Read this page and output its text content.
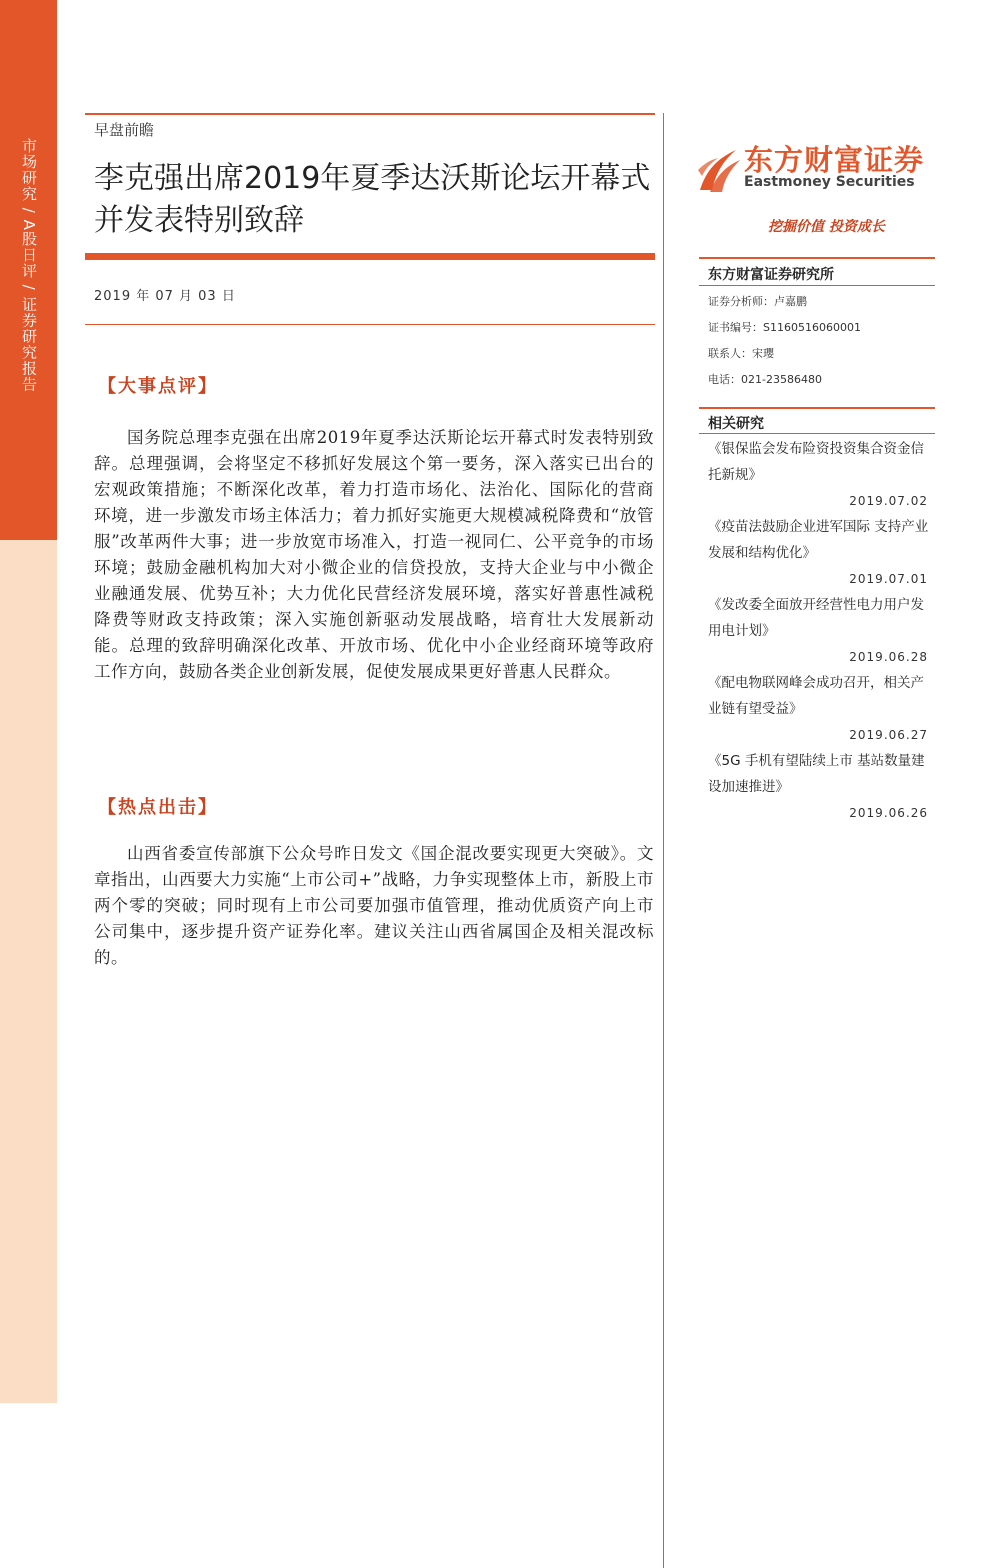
市场研究 / A股日评 / 证券研究报告
早盘前瞻
李克强出席2019年夏季达沃斯论坛开幕式并发表特别致辞
2019 年 07 月 03 日
【大事点评】

国务院总理李克强在出席2019年夏季达沃斯论坛开幕式时发表特别致辞。总理强调，会将坚定不移抓好发展这个第一要务，深入落实已出台的宏观政策措施；不断深化改革，着力打造市场化、法治化、国际化的营商环境，进一步激发市场主体活力；着力抓好实施更大规模减税降费和“放管服”改革两件大事；进一步放宽市场准入，打造一视同仁、公平竞争的市场环境；鼓励金融机构加大对小微企业的信贷投放，支持大企业与中小微企业融通发展、优势互补；大力优化民营经济发展环境，落实好普惠性减税降费等财政支持政策；深入实施创新驱动发展战略，培育壮大发展新动能。总理的致辞明确深化改革、开放市场、优化中小企业经商环境等政府工作方向，鼓励各类企业创新发展，促使发展成果更好普惠人民群众。

【热点出击】

山西省委宣传部旗下公众号昨日发文《国企混改要实现更大突破》。文章指出，山西要大力实施“上市公司+”战略，力争实现整体上市，新股上市两个零的突破；同时现有上市公司要加强市值管理，推动优质资产向上市公司集中，逐步提升资产证券化率。建议关注山西省属国企及相关混改标的。

东方财富证券
Eastmoney Securities
挖掘价值 投资成长
东方财富证券研究所
证券分析师：卢嘉鹏
证书编号：S1160516060001
联系人：宋瓔
电话：021-23586480
相关研究
《银保监会发布险资投资集合资金信托新规》
2019.07.02
《疫苗法鼓励企业进军国际 支持产业发展和结构优化》
2019.07.01
《发改委全面放开经营性电力用户发用电计划》
2019.06.28
《配电物联网峰会成功召开，相关产业链有望受益》
2019.06.27
《5G 手机有望陆续上市 基站数量建设加速推进》
2019.06.26
